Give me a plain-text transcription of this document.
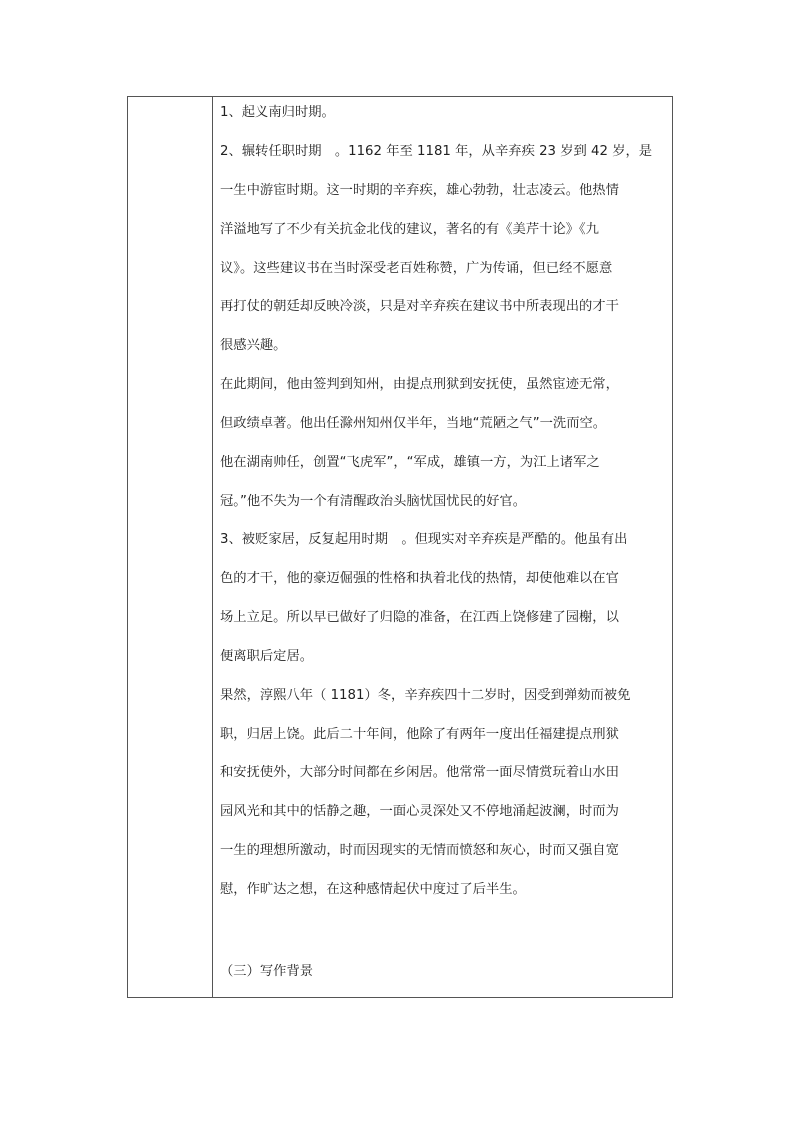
1、起义南归时期。
2、辗转任职时期　。1162 年至 1181 年，从辛弃疾 23 岁到 42 岁，是
一生中游宦时期。这一时期的辛弃疾，雄心勃勃，壮志凌云。他热情
洋溢地写了不少有关抗金北伐的建议，著名的有《美芹十论》《九
议》。这些建议书在当时深受老百姓称赞，广为传诵，但已经不愿意
再打仗的朝廷却反映冷淡，只是对辛弃疾在建议书中所表现出的才干
很感兴趣。
在此期间，他由签判到知州，由提点刑狱到安抚使，虽然宦迹无常，
但政绩卓著。他出任滁州知州仅半年，当地“荒陋之气”一洗而空。
他在湖南帅任，创置“飞虎军”，“军成，雄镇一方，为江上诸军之
冠。”他不失为一个有清醒政治头脑忧国忧民的好官。
3、被贬家居，反复起用时期　。但现实对辛弃疾是严酷的。他虽有出
色的才干，他的豪迈倔强的性格和执着北伐的热情，却使他难以在官
场上立足。所以早已做好了归隐的准备，在江西上饶修建了园榭，以
便离职后定居。
果然，淳熙八年（ 1181）冬，辛弃疾四十二岁时，因受到弹劾而被免
职，归居上饶。此后二十年间，他除了有两年一度出任福建提点刑狱
和安抚使外，大部分时间都在乡闲居。他常常一面尽情赏玩着山水田
园风光和其中的恬静之趣，一面心灵深处又不停地涌起波澜，时而为
一生的理想所激动，时而因现实的无情而愤怒和灰心，时而又强自宽
慰，作旷达之想，在这种感情起伏中度过了后半生。
（三）写作背景
